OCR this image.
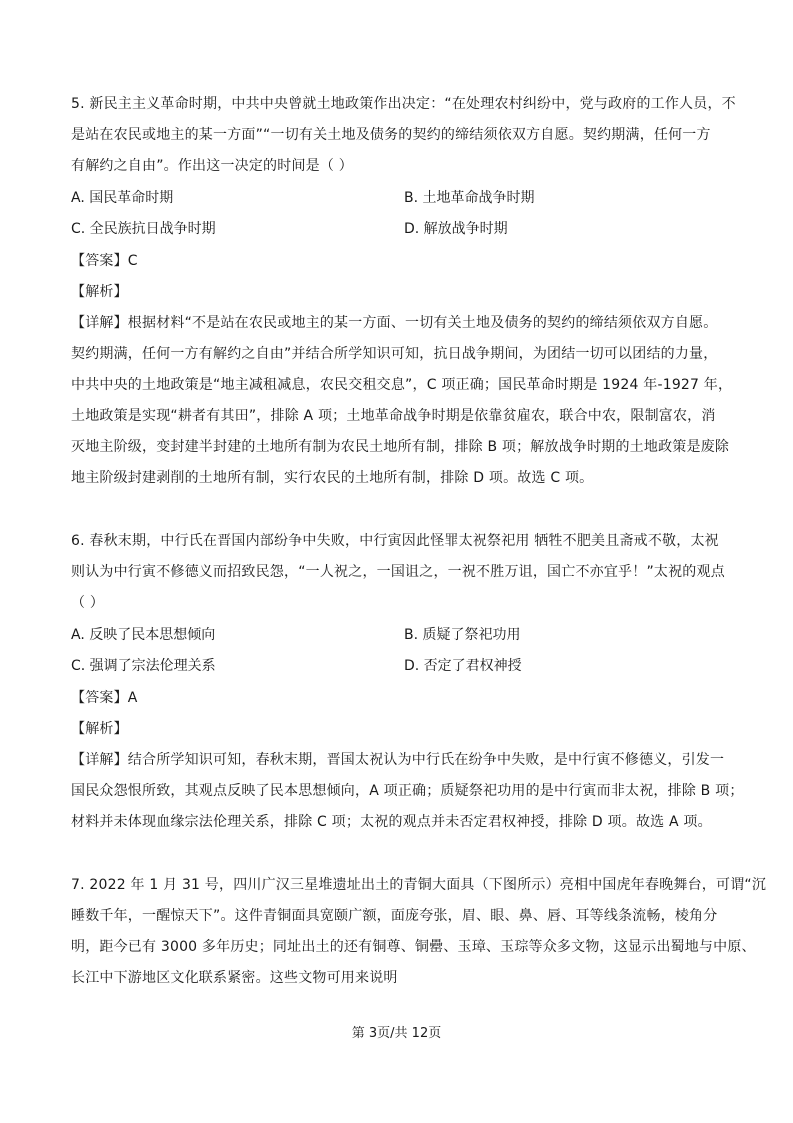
5. 新民主主义革命时期，中共中央曾就土地政策作出决定：“在处理农村纠纷中，党与政府的工作人员，不
是站在农民或地主的某一方面”“一切有关土地及债务的契约的缔结须依双方自愿。契约期满，任何一方
有解约之自由”。作出这一决定的时间是（ ）
A. 国民革命时期	B. 土地革命战争时期
C. 全民族抗日战争时期	D. 解放战争时期
【答案】C
【解析】
【详解】根据材料“不是站在农民或地主的某一方面、一切有关土地及债务的契约的缔结须依双方自愿。
契约期满，任何一方有解约之自由”并结合所学知识可知，抗日战争期间，为团结一切可以团结的力量，
中共中央的土地政策是“地主减租减息，农民交租交息”，C 项正确；国民革命时期是 1924 年-1927 年，
土地政策是实现“耕者有其田”，排除 A 项；土地革命战争时期是依靠贫雇农，联合中农，限制富农，消
灭地主阶级，变封建半封建的土地所有制为农民土地所有制，排除 B 项；解放战争时期的土地政策是废除
地主阶级封建剥削的土地所有制，实行农民的土地所有制，排除 D 项。故选 C 项。
6. 春秋末期，中行氏在晋国内部纷争中失败，中行寅因此怪罪太祝祭祀用 牺牲不肥美且斋戒不敬，太祝
则认为中行寅不修德义而招致民怨，“一人祝之，一国诅之，一祝不胜万诅，国亡不亦宜乎！”太祝的观点
（ ）
A. 反映了民本思想倾向	B. 质疑了祭祀功用
C. 强调了宗法伦理关系	D. 否定了君权神授
【答案】A
【解析】
【详解】结合所学知识可知，春秋末期，晋国太祝认为中行氏在纷争中失败，是中行寅不修德义，引发一
国民众怨恨所致，其观点反映了民本思想倾向，A 项正确；质疑祭祀功用的是中行寅而非太祝，排除 B 项；
材料并未体现血缘宗法伦理关系，排除 C 项；太祝的观点并未否定君权神授，排除 D 项。故选 A 项。
7. 2022 年 1 月 31 号，四川广汉三星堆遗址出土的青铜大面具（下图所示）亮相中国虎年春晚舞台，可谓“沉
睡数千年，一醒惊天下”。这件青铜面具宽颐广额，面庞夸张，眉、眼、鼻、唇、耳等线条流畅，棱角分
明，距今已有 3000 多年历史；同址出土的还有铜尊、铜罍、玉璋、玉琮等众多文物，这显示出蜀地与中原、
长江中下游地区文化联系紧密。这些文物可用来说明
第 3页/共 12页
